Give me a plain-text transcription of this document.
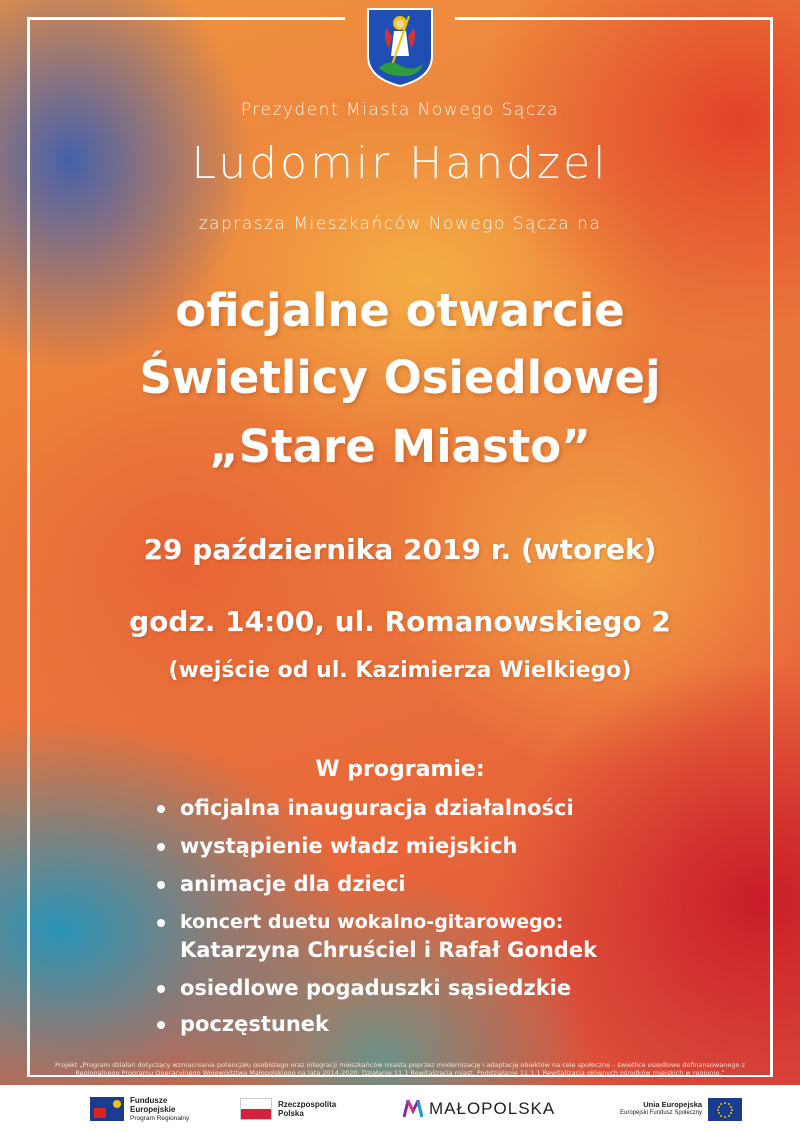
Prezydent Miasta Nowego Sącza
Ludomir Handzel
zaprasza Mieszkańców Nowego Sącza na
oficjalne otwarcie
Świetlicy Osiedlowej
„Stare Miasto”
29 października 2019 r. (wtorek)
godz. 14:00, ul. Romanowskiego 2
(wejście od ul. Kazimierza Wielkiego)
W programie:
oficjalna inauguracja działalności
wystąpienie władz miejskich
animacje dla dzieci
koncert duetu wokalno-gitarowego:
Katarzyna Chruściel i Rafał Gondek
osiedlowe pogaduszki sąsiedzkie
poczęstunek
Projekt „Program działań dotyczący wzmacniania potencjału osobistego oraz integracji mieszkańców miasta poprzez modernizację i adaptację obiektów na cele społeczne – świetlice osiedlowe dofinansowanego z Regionalnego Programu Operacyjnego Województwa Małopolskiego na lata 2014-2020. Działanie 11.1 Rewitalizacja miast, Poddziałanie 11.1.1 Rewitalizacja głównych ośrodków miejskich w regionie.”
Fundusze
Europejskie
Program Regionalny
Rzeczpospolita
Polska	MAŁOPOLSKA	Unia Europejska
Europejski Fundusz Społeczny
